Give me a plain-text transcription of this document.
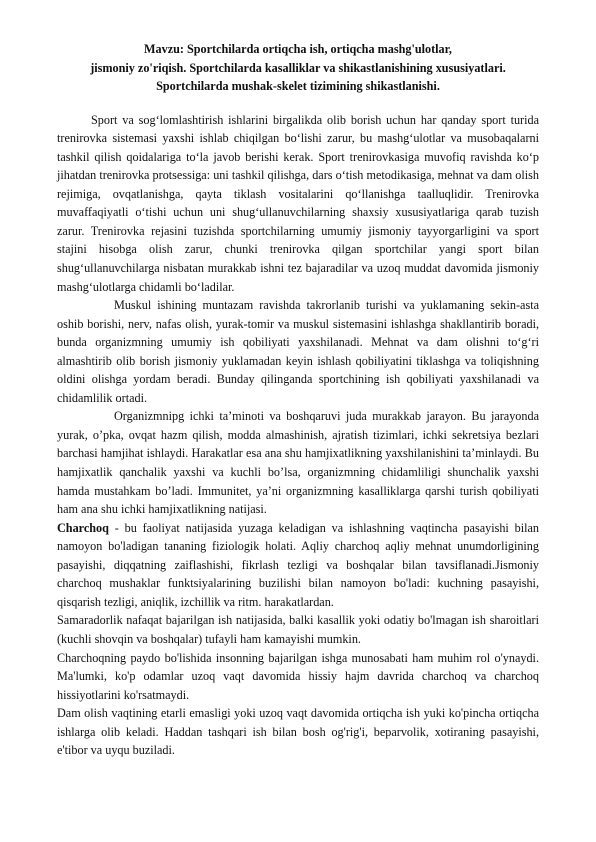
Mavzu: Sportchilarda ortiqcha ish, ortiqcha mashg'ulotlar,
jismoniy zo'riqish. Sportchilarda kasalliklar va shikastlanishining xususiyatlari.
Sportchilarda mushak-skelet tizimining shikastlanishi.

Sport va sog‘lomlashtirish ishlarini birgalikda olib borish uchun har qanday sport turida trenirovka sistemasi yaxshi ishlab chiqilgan bo‘lishi zarur, bu mashg‘ulotlar va musobaqalarni tashkil qilish qoidalariga to‘la javob berishi kerak. Sport trenirovkasiga muvofiq ravishda ko‘p jihatdan trenirovka protsessiga: uni tashkil qilishga, dars o‘tish metodikasiga, mehnat va dam olish rejimiga, ovqatlanishga, qayta tiklash vositalarini qo‘llanishga taalluqlidir. Trenirovka muvaffaqiyatli o‘tishi uchun uni shug‘ullanuvchilarning shaxsiy xususiyatlariga qarab tuzish zarur. Trenirovka rejasini tuzishda sportchilarning umumiy jismoniy tayyorgarligini va sport stajini hisobga olish zarur, chunki trenirovka qilgan sportchilar yangi sport bilan shug‘ullanuvchilarga nisbatan murakkab ishni tez bajaradilar va uzoq muddat davomida jismoniy mashg‘ulotlarga chidamli bo‘ladilar.

Muskul ishining muntazam ravishda takrorlanib turishi va yuklamaning sekin-asta oshib borishi, nerv, nafas olish, yurak-tomir va muskul sistemasini ishlashga shakllantirib boradi, bunda organizmning umumiy ish qobiliyati yaxshilanadi. Mehnat va dam olishni to‘g‘ri almashtirib olib borish jismoniy yuklamadan keyin ishlash qobiliyatini tiklashga va toliqishning oldini olishga yordam beradi. Bunday qilinganda sportchining ish qobiliyati yaxshilanadi va chidamlilik ortadi.

Organizmnipg ichki ta’minoti va boshqaruvi juda murakkab jarayon. Bu jarayonda yurak, o’pka, ovqat hazm qilish, modda almashinish, ajratish tizimlari, ichki sekretsiya bezlari barchasi hamjihat ishlaydi. Harakatlar esa ana shu hamjixatlikning yaxshilanishini ta’minlaydi. Bu hamjixatlik qanchalik yaxshi va kuchli bo’lsa, organizmning chidamliligi shunchalik yaxshi hamda mustahkam bo’ladi. Immunitet, ya’ni organizmning kasalliklarga qarshi turish qobiliyati ham ana shu ichki hamjixatlikning natijasi.

Charchoq - bu faoliyat natijasida yuzaga keladigan va ishlashning vaqtincha pasayishi bilan namoyon bo'ladigan tananing fiziologik holati. Aqliy charchoq aqliy mehnat unumdorligining pasayishi, diqqatning zaiflashishi, fikrlash tezligi va boshqalar bilan tavsiflanadi.Jismoniy charchoq mushaklar funktsiyalarining buzilishi bilan namoyon bo'ladi: kuchning pasayishi, qisqarish tezligi, aniqlik, izchillik va ritm. harakatlardan.

Samaradorlik nafaqat bajarilgan ish natijasida, balki kasallik yoki odatiy bo'lmagan ish sharoitlari (kuchli shovqin va boshqalar) tufayli ham kamayishi mumkin.

Charchoqning paydo bo'lishida insonning bajarilgan ishga munosabati ham muhim rol o'ynaydi. Ma'lumki, ko'p odamlar uzoq vaqt davomida hissiy hajm davrida charchoq va charchoq hissiyotlarini ko'rsatmaydi.

Dam olish vaqtining etarli emasligi yoki uzoq vaqt davomida ortiqcha ish yuki ko'pincha ortiqcha ishlarga olib keladi. Haddan tashqari ish bilan bosh og'rig'i, beparvolik, xotiraning pasayishi, e'tibor va uyqu buziladi.
